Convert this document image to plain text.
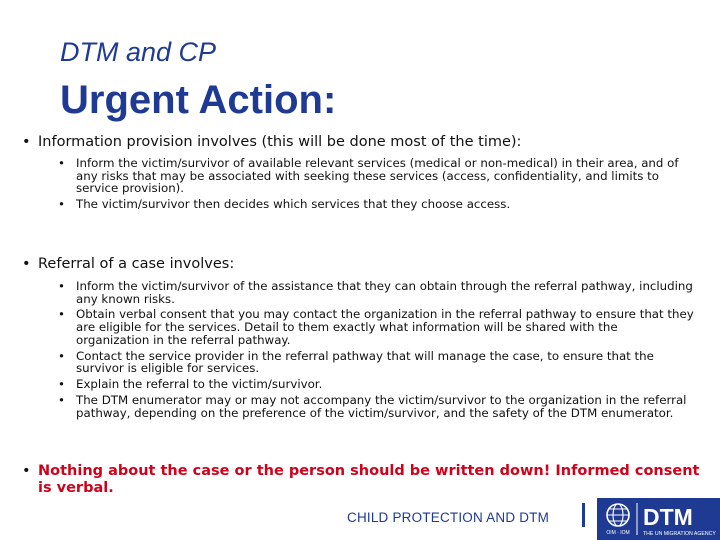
DTM and CP
Urgent Action:

• Information provision involves (this will be done most of the time):

• Inform the victim/survivor of available relevant services (medical or non-medical) in their area, and of any risks that may be associated with seeking these services (access, confidentiality, and limits to service provision).
• The victim/survivor then decides which services that they choose access.

• Referral of a case involves:

• Inform the victim/survivor of the assistance that they can obtain through the referral pathway, including any known risks.
• Obtain verbal consent that you may contact the organization in the referral pathway to ensure that they are eligible for the services. Detail to them exactly what information will be shared with the organization in the referral pathway.
• Contact the service provider in the referral pathway that will manage the case, to ensure that the survivor is eligible for services.
• Explain the referral to the victim/survivor.
• The DTM enumerator may or may not accompany the victim/survivor to the organization in the referral pathway, depending on the preference of the victim/survivor, and the safety of the DTM enumerator.

• Nothing about the case or the person should be written down! Informed consent is verbal.

CHILD PROTECTION AND DTM

OIM · IOM
DTM
THE UN MIGRATION AGENCY
